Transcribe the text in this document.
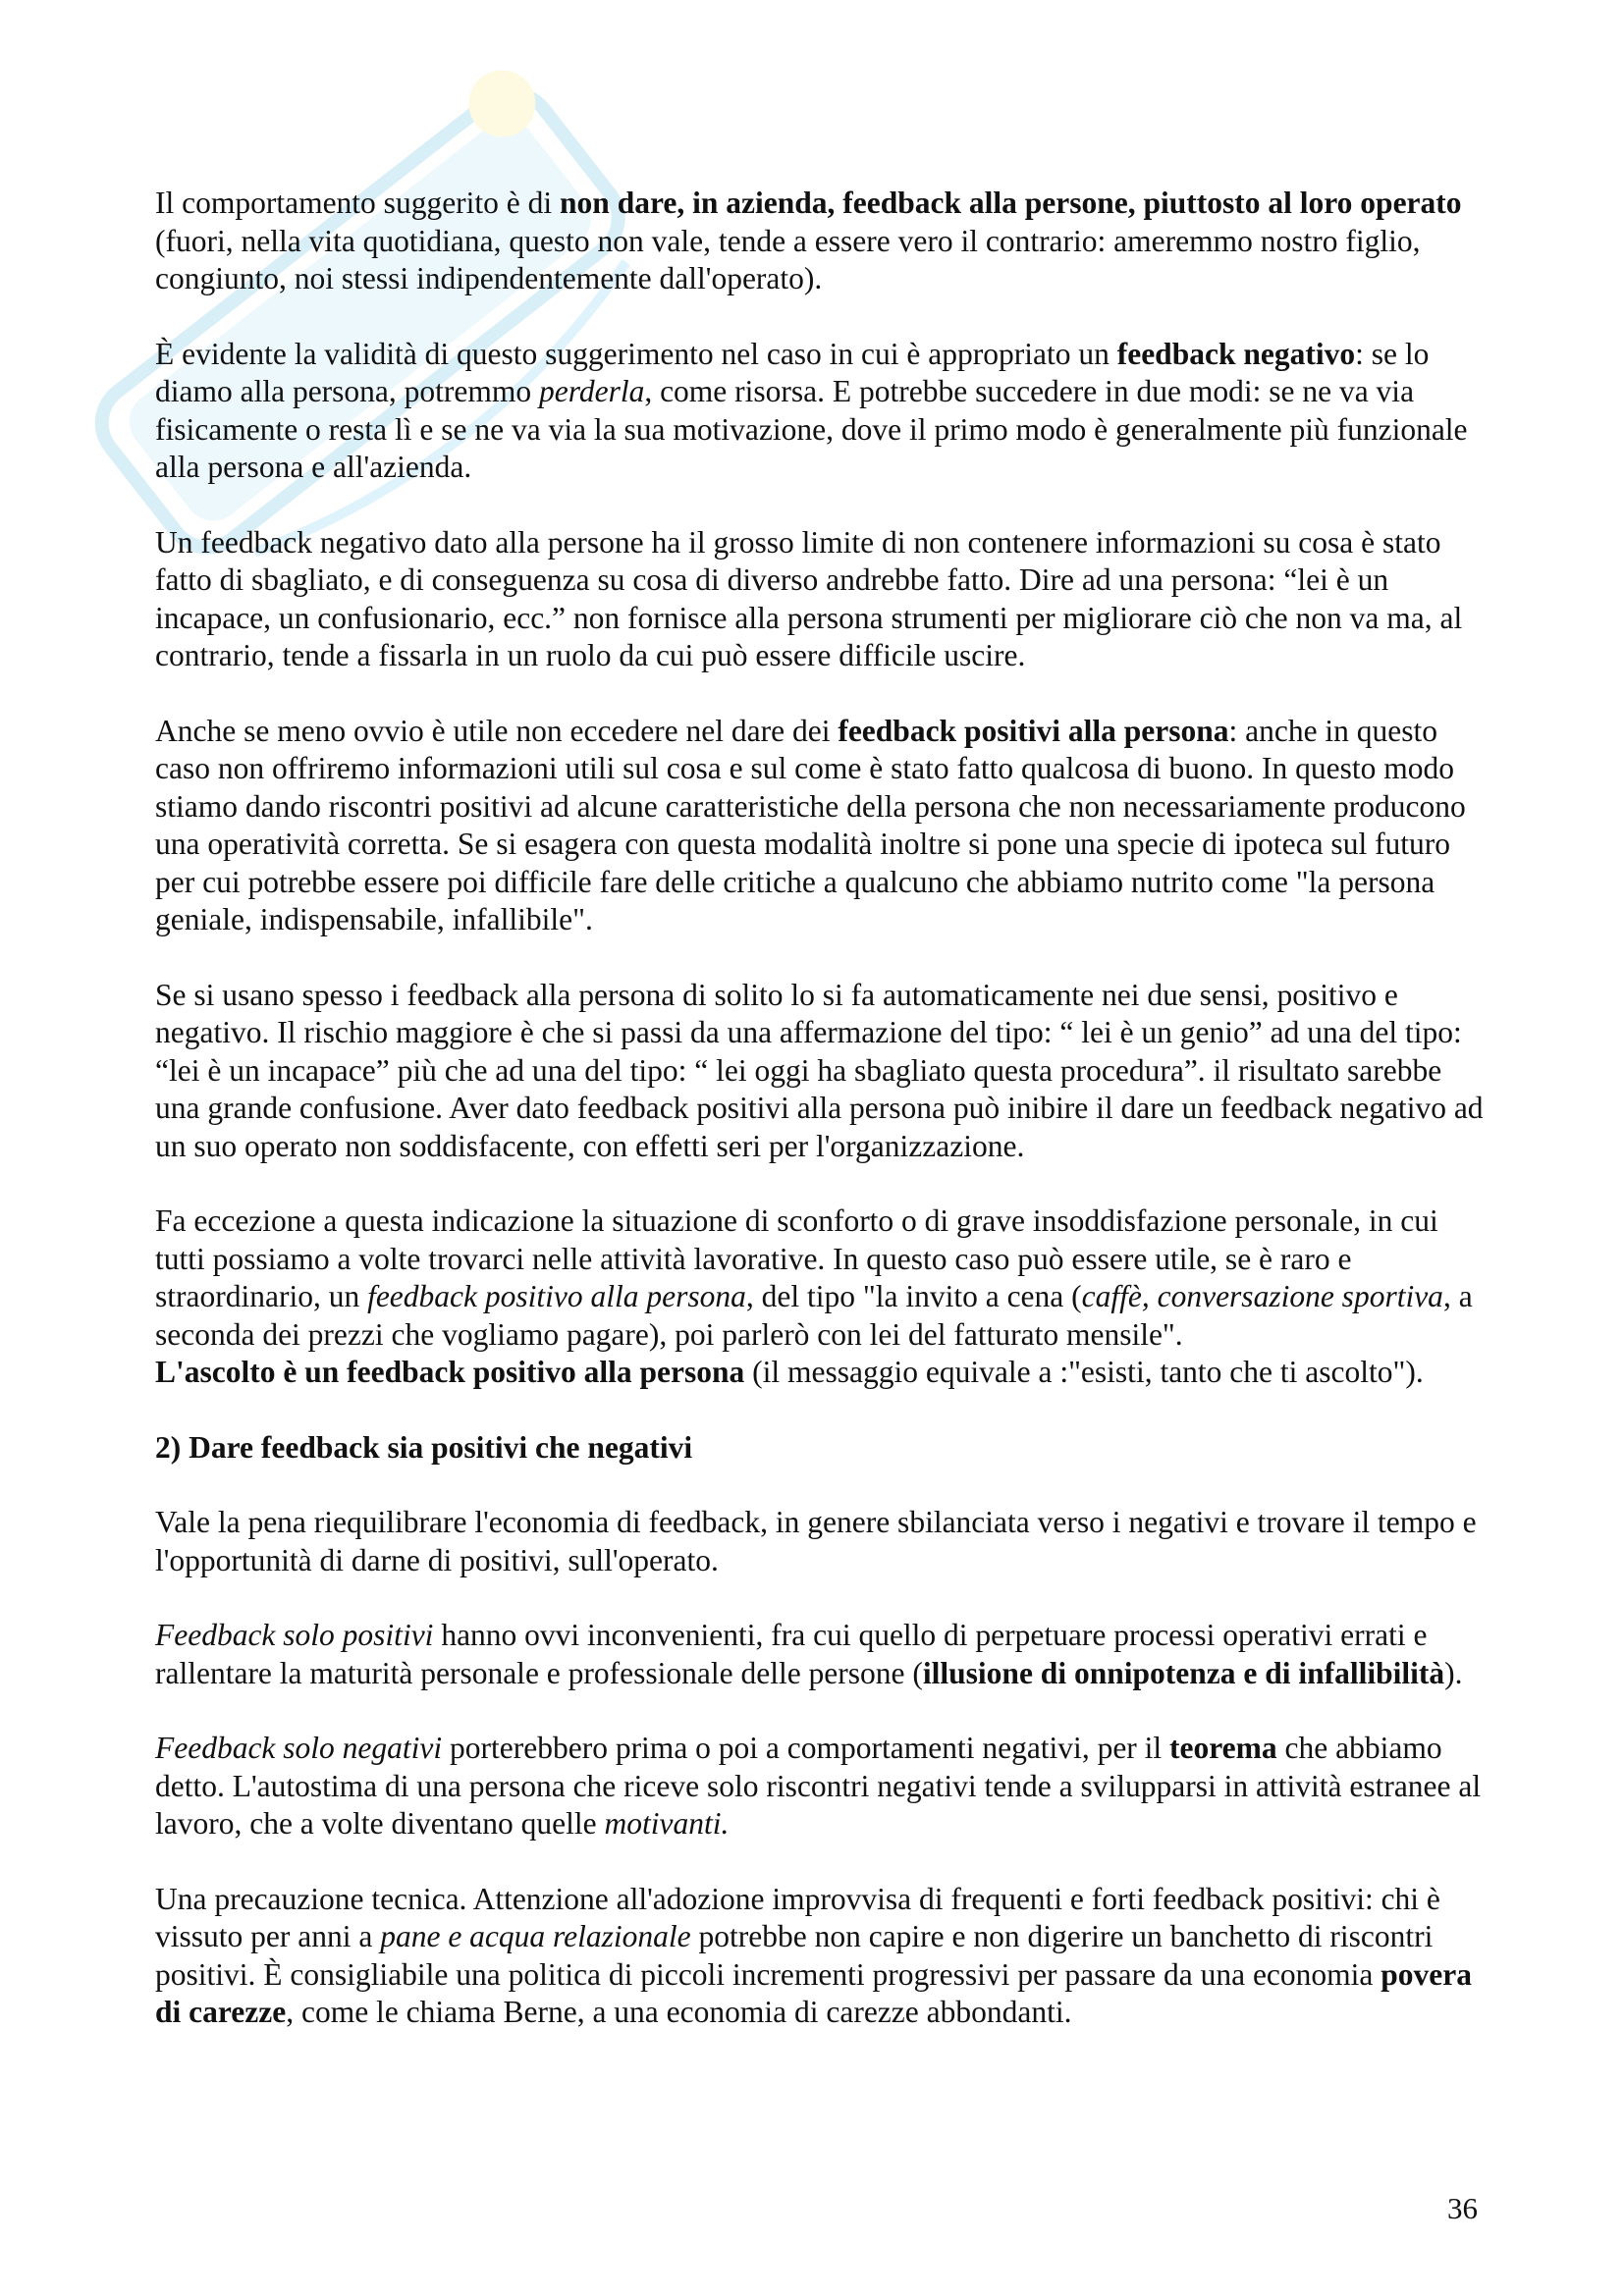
Il comportamento suggerito è di non dare, in azienda, feedback alla persone, piuttosto al loro operato (fuori, nella vita quotidiana, questo non vale, tende a essere vero il contrario: ameremmo nostro figlio, congiunto, noi stessi indipendentemente dall'operato).

È evidente la validità di questo suggerimento nel caso in cui è appropriato un feedback negativo: se lo diamo alla persona, potremmo perderla, come risorsa. E potrebbe succedere in due modi: se ne va via fisicamente o resta lì e se ne va via la sua motivazione, dove il primo modo è generalmente più funzionale alla persona e all'azienda.

Un feedback negativo dato alla persone ha il grosso limite di non contenere informazioni su cosa è stato fatto di sbagliato, e di conseguenza su cosa di diverso andrebbe fatto. Dire ad una persona: “lei è un incapace, un confusionario, ecc.” non fornisce alla persona strumenti per migliorare ciò che non va ma, al contrario, tende a fissarla in un ruolo da cui può essere difficile uscire.

Anche se meno ovvio è utile non eccedere nel dare dei feedback positivi alla persona: anche in questo caso non offriremo informazioni utili sul cosa e sul come è stato fatto qualcosa di buono. In questo modo stiamo dando riscontri positivi ad alcune caratteristiche della persona che non necessariamente producono una operatività corretta. Se si esagera con questa modalità inoltre si pone una specie di ipoteca sul futuro per cui potrebbe essere poi difficile fare delle critiche a qualcuno che abbiamo nutrito come "la persona geniale, indispensabile, infallibile".

Se si usano spesso i feedback alla persona di solito lo si fa automaticamente nei due sensi, positivo e negativo. Il rischio maggiore è che si passi da una affermazione del tipo: “ lei è un genio” ad una del tipo: “lei è un incapace” più che ad una del tipo: “ lei oggi ha sbagliato questa procedura”. il risultato sarebbe una grande confusione. Aver dato feedback positivi alla persona può inibire il dare un feedback negativo ad un suo operato non soddisfacente, con effetti seri per l'organizzazione.

Fa eccezione a questa indicazione la situazione di sconforto o di grave insoddisfazione personale, in cui tutti possiamo a volte trovarci nelle attività lavorative. In questo caso può essere utile, se è raro e straordinario, un feedback positivo alla persona, del tipo "la invito a cena (caffè, conversazione sportiva, a seconda dei prezzi che vogliamo pagare), poi parlerò con lei del fatturato mensile".

L'ascolto è un feedback positivo alla persona (il messaggio equivale a :"esisti, tanto che ti ascolto").

2) Dare feedback sia positivi che negativi

Vale la pena riequilibrare l'economia di feedback, in genere sbilanciata verso i negativi e trovare il tempo e l'opportunità di darne di positivi, sull'operato.

Feedback solo positivi hanno ovvi inconvenienti, fra cui quello di perpetuare processi operativi errati e rallentare la maturità personale e professionale delle persone (illusione di onnipotenza e di infallibilità).

Feedback solo negativi porterebbero prima o poi a comportamenti negativi, per il teorema che abbiamo detto. L'autostima di una persona che riceve solo riscontri negativi tende a svilupparsi in attività estranee al lavoro, che a volte diventano quelle motivanti.

Una precauzione tecnica. Attenzione all'adozione improvvisa di frequenti e forti feedback positivi: chi è vissuto per anni a pane e acqua relazionale potrebbe non capire e non digerire un banchetto di riscontri positivi. È consigliabile una politica di piccoli incrementi progressivi per passare da una economia povera di carezze, come le chiama Berne, a una economia di carezze abbondanti.

36
